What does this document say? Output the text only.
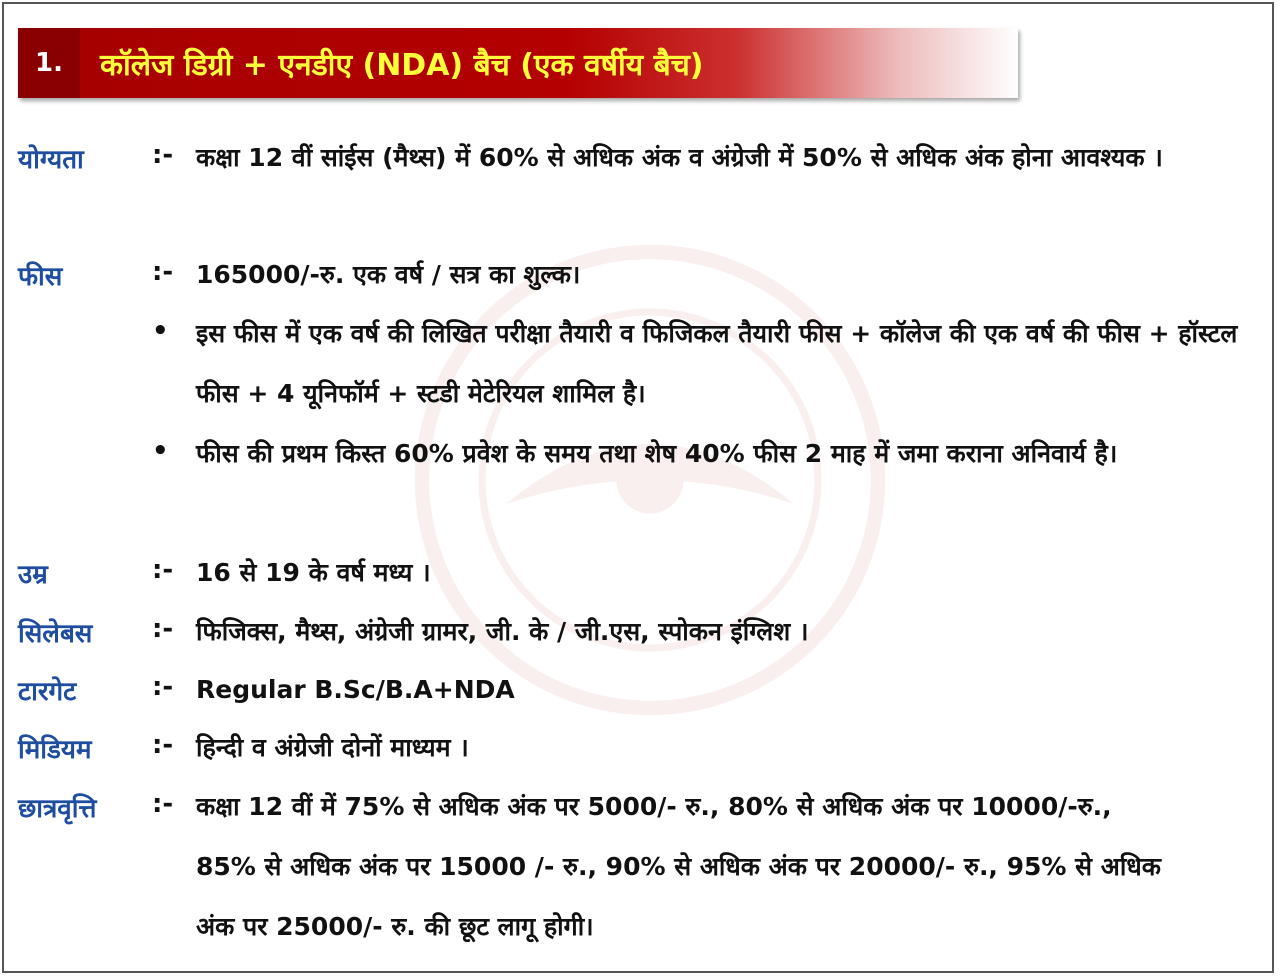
1.	कॉलेज डिग्री + एनडीए (NDA) बैच (एक वर्षीय बैच)
योग्यता	:- कक्षा 12 वीं सांईस (मैथ्स) में 60% से अधिक अंक व अंग्रेजी में 50% से अधिक अंक होना आवश्यक ।
फीस	:- 165000/-रु. एक वर्ष / सत्र का शुल्क।
• इस फीस में एक वर्ष की लिखित परीक्षा तैयारी व फिजिकल तैयारी फीस + कॉलेज की एक वर्ष की फीस + हॉस्टल फीस + 4 यूनिफॉर्म + स्टडी मेटेरियल शामिल है।
• फीस की प्रथम किस्त 60% प्रवेश के समय तथा शेष 40% फीस 2 माह में जमा कराना अनिवार्य है।
उम्र	:- 16 से 19 के वर्ष मध्य ।
सिलेबस :- फिजिक्स, मैथ्स, अंग्रेजी ग्रामर, जी. के / जी.एस, स्पोकन इंग्लिश ।
टारगेट	:- Regular B.Sc/B.A+NDA
मिडियम :- हिन्दी व अंग्रेजी दोनों माध्यम ।
छात्रवृत्ति :- कक्षा 12 वीं में 75% से अधिक अंक पर 5000/- रु., 80% से अधिक अंक पर 10000/-रु., 85% से अधिक अंक पर 15000 /- रु., 90% से अधिक अंक पर 20000/- रु., 95% से अधिक अंक पर 25000/- रु. की छूट लागू होगी।
